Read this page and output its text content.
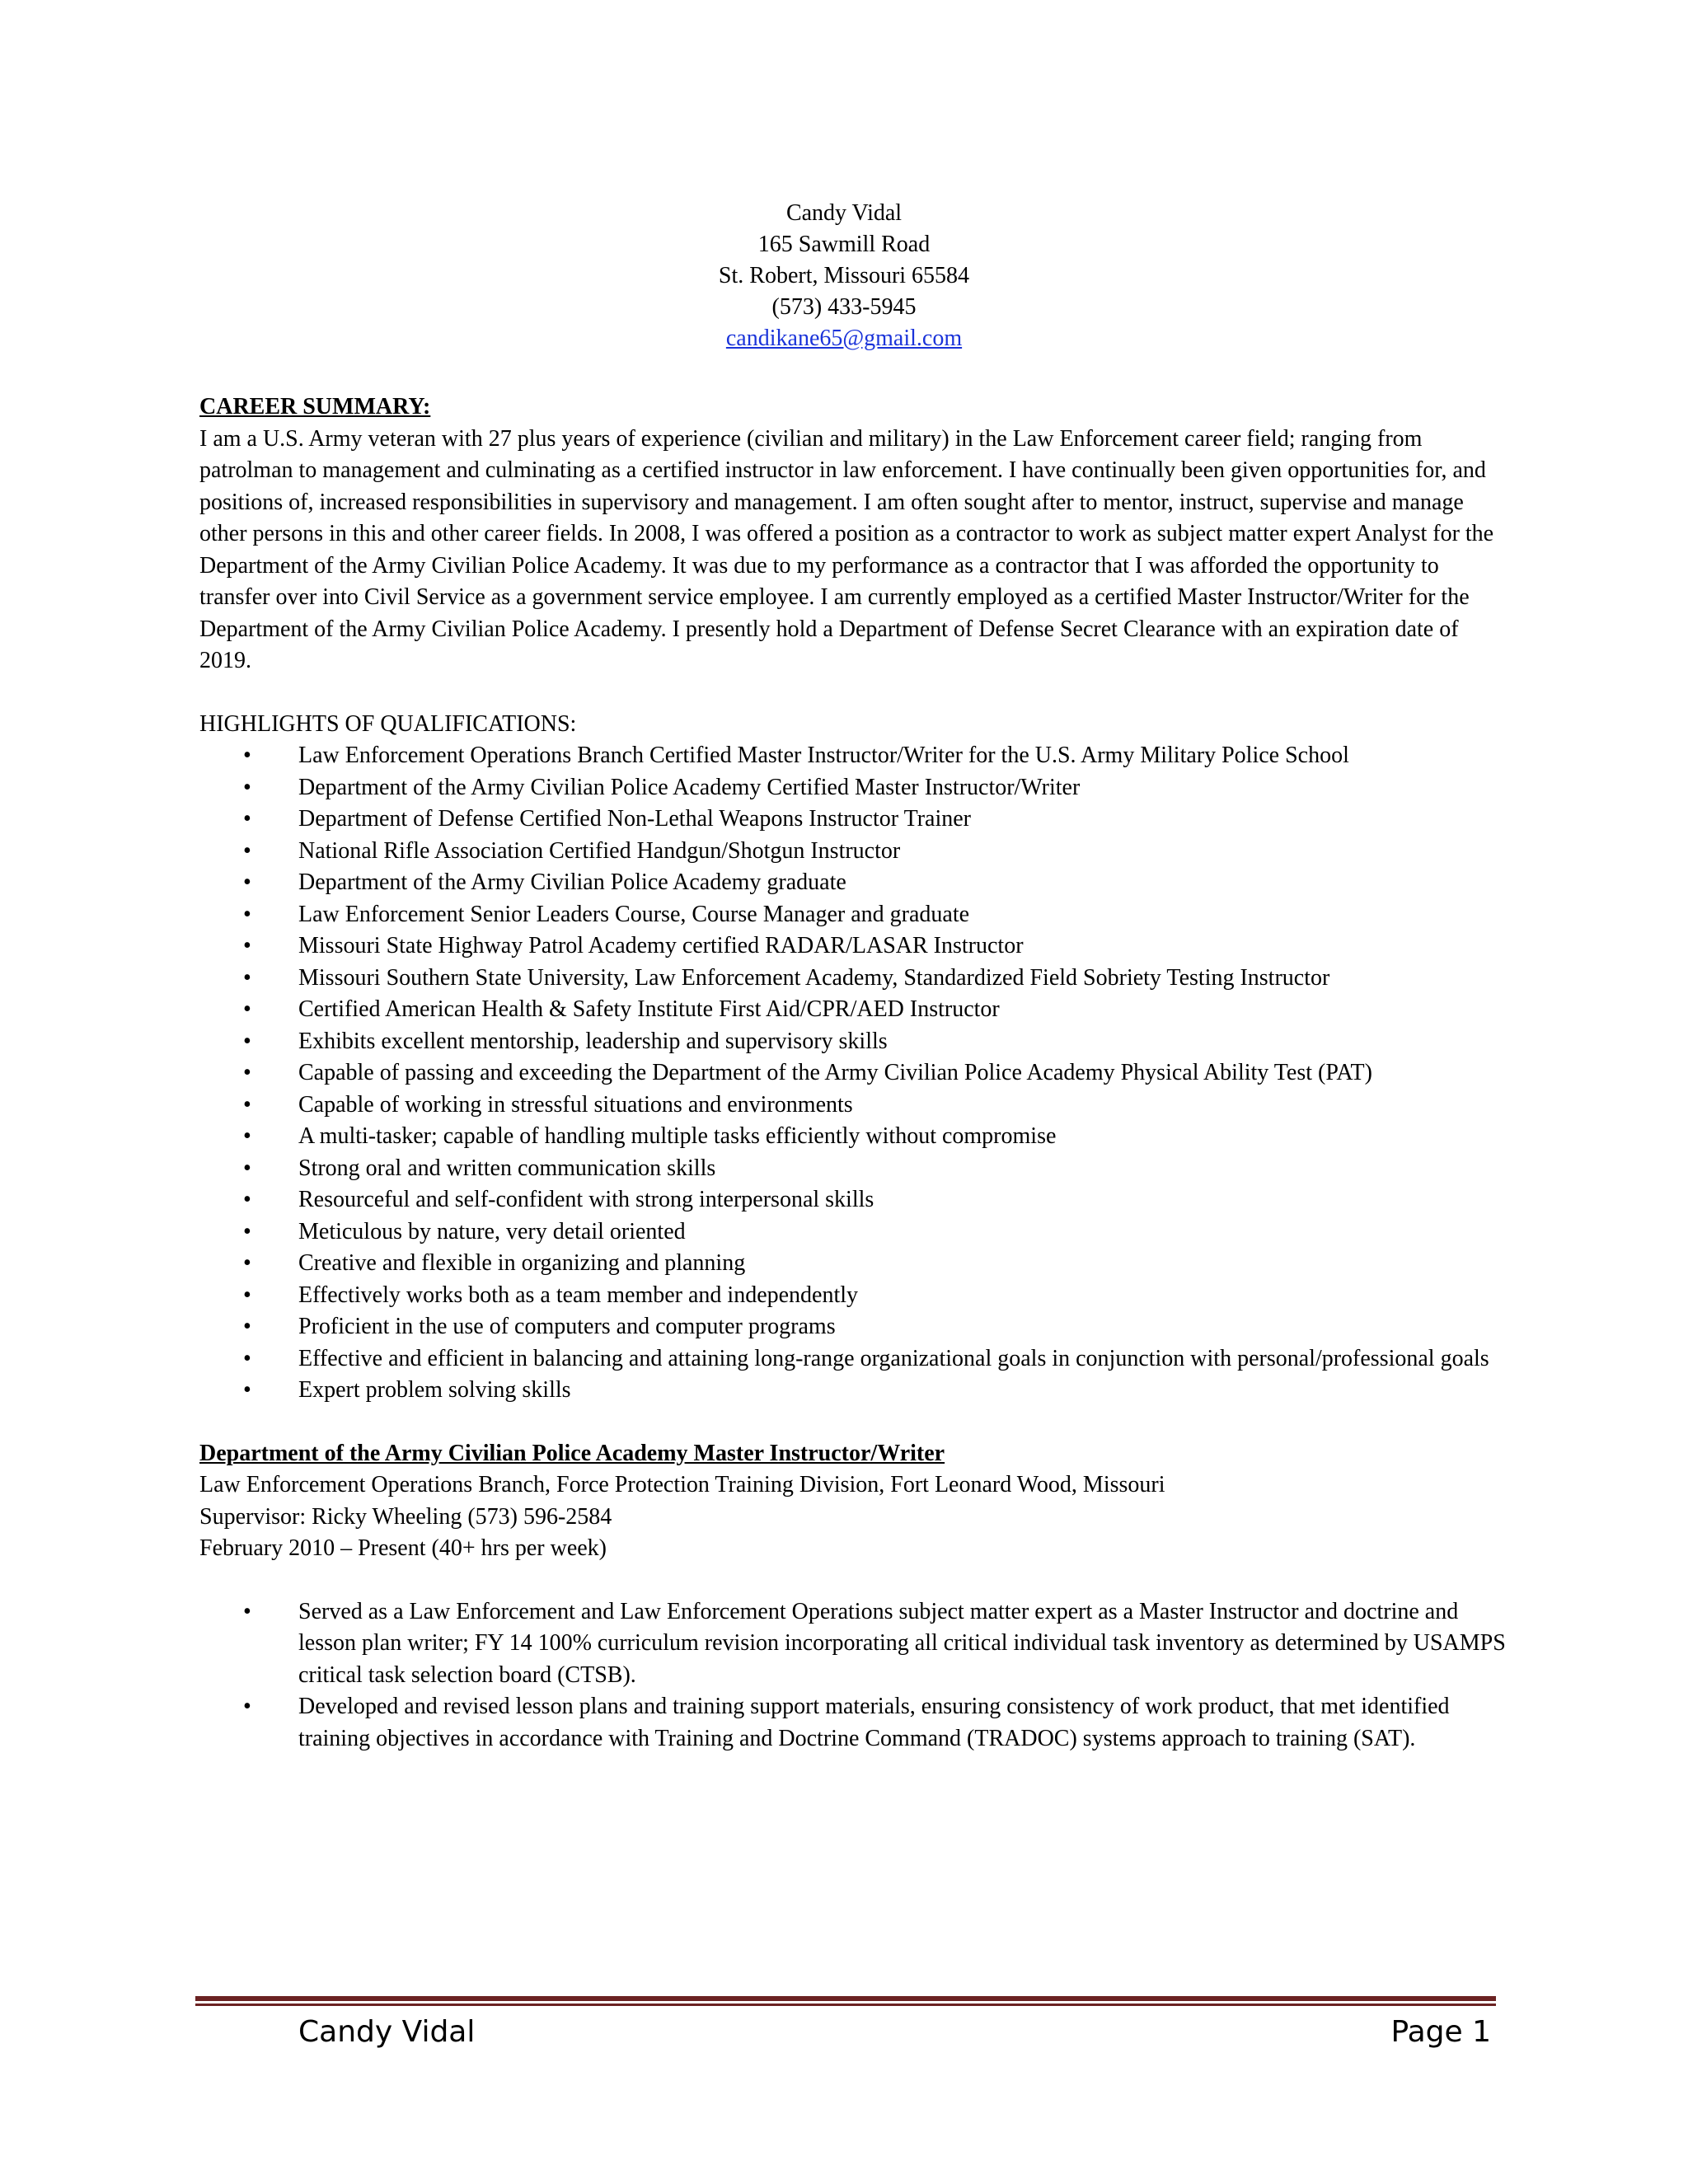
Candy Vidal
165 Sawmill Road
St. Robert, Missouri 65584
(573) 433-5945
candikane65@gmail.com

CAREER SUMMARY:

I am a U.S. Army veteran with 27 plus years of experience (civilian and military) in the Law Enforcement career field; ranging from patrolman to management and culminating as a certified instructor in law enforcement. I have continually been given opportunities for, and positions of, increased responsibilities in supervisory and management. I am often sought after to mentor, instruct, supervise and manage other persons in this and other career fields. In 2008, I was offered a position as a contractor to work as subject matter expert Analyst for the Department of the Army Civilian Police Academy. It was due to my performance as a contractor that I was afforded the opportunity to transfer over into Civil Service as a government service employee. I am currently employed as a certified Master Instructor/Writer for the Department of the Army Civilian Police Academy. I presently hold a Department of Defense Secret Clearance with an expiration date of 2019.

HIGHLIGHTS OF QUALIFICATIONS:

• Law Enforcement Operations Branch Certified Master Instructor/Writer for the U.S. Army Military Police School
• Department of the Army Civilian Police Academy Certified Master Instructor/Writer
• Department of Defense Certified Non-Lethal Weapons Instructor Trainer
• National Rifle Association Certified Handgun/Shotgun Instructor
• Department of the Army Civilian Police Academy graduate
• Law Enforcement Senior Leaders Course, Course Manager and graduate
• Missouri State Highway Patrol Academy certified RADAR/LASAR Instructor
• Missouri Southern State University, Law Enforcement Academy, Standardized Field Sobriety Testing Instructor
• Certified American Health & Safety Institute First Aid/CPR/AED Instructor
• Exhibits excellent mentorship, leadership and supervisory skills
• Capable of passing and exceeding the Department of the Army Civilian Police Academy Physical Ability Test (PAT)
• Capable of working in stressful situations and environments
• A multi-tasker; capable of handling multiple tasks efficiently without compromise
• Strong oral and written communication skills
• Resourceful and self-confident with strong interpersonal skills
• Meticulous by nature, very detail oriented
• Creative and flexible in organizing and planning
• Effectively works both as a team member and independently
• Proficient in the use of computers and computer programs
• Effective and efficient in balancing and attaining long-range organizational goals in conjunction with personal/professional goals
• Expert problem solving skills

Department of the Army Civilian Police Academy Master Instructor/Writer

Law Enforcement Operations Branch, Force Protection Training Division, Fort Leonard Wood, Missouri

Supervisor: Ricky Wheeling (573) 596-2584

February 2010 – Present (40+ hrs per week)

• Served as a Law Enforcement and Law Enforcement Operations subject matter expert as a Master Instructor and doctrine and lesson plan writer; FY 14 100% curriculum revision incorporating all critical individual task inventory as determined by USAMPS critical task selection board (CTSB).
• Developed and revised lesson plans and training support materials, ensuring consistency of work product, that met identified training objectives in accordance with Training and Doctrine Command (TRADOC) systems approach to training (SAT).
Candy Vidal	Page 1
